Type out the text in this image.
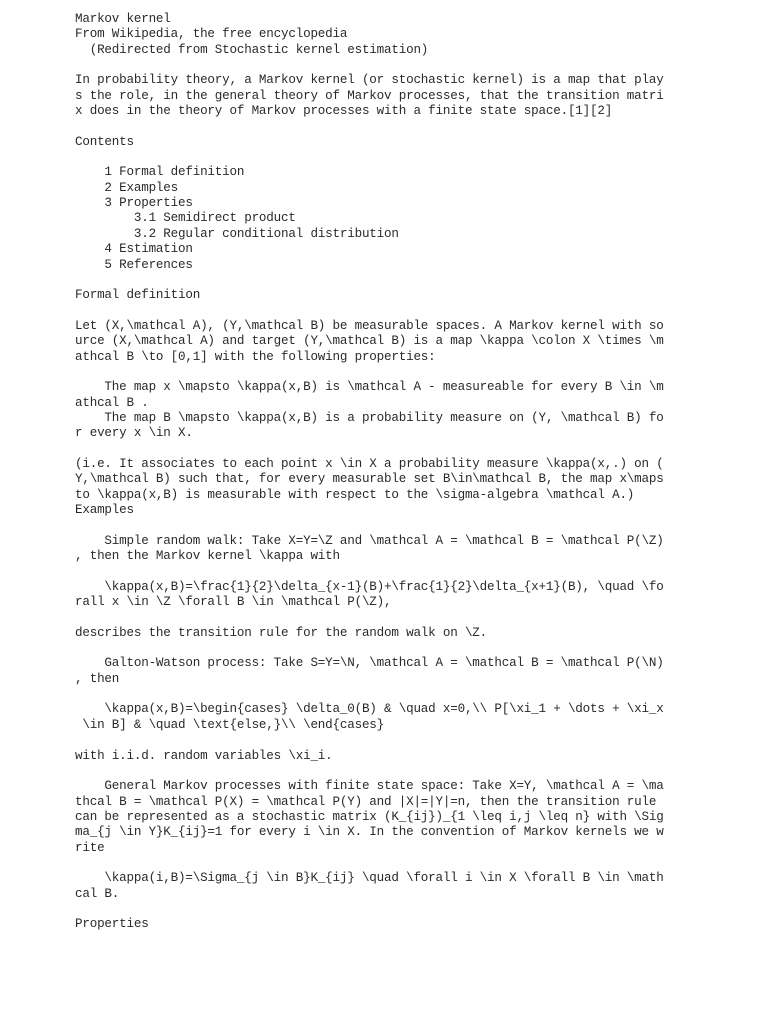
Markov kernel
From Wikipedia, the free encyclopedia
(Redirected from Stochastic kernel estimation)
In probability theory, a Markov kernel (or stochastic kernel) is a map that play
s the role, in the general theory of Markov processes, that the transition matri
x does in the theory of Markov processes with a finite state space.[1][2]
Contents
1 Formal definition
2 Examples
3 Properties
3.1 Semidirect product
3.2 Regular conditional distribution
4 Estimation
5 References
Formal definition
Let (X,\mathcal A), (Y,\mathcal B) be measurable spaces. A Markov kernel with so
urce (X,\mathcal A) and target (Y,\mathcal B) is a map \kappa \colon X \times \m
athcal B \to [0,1] with the following properties:
The map x \mapsto \kappa(x,B) is \mathcal A - measureable for every B \in \m
athcal B .
The map B \mapsto \kappa(x,B) is a probability measure on (Y, \mathcal B) fo
r every x \in X.
(i.e. It associates to each point x \in X a probability measure \kappa(x,.) on (
Y,\mathcal B) such that, for every measurable set B\in\mathcal B, the map x\maps
to \kappa(x,B) is measurable with respect to the \sigma-algebra \mathcal A.)
Examples
Simple random walk: Take X=Y=\Z and \mathcal A = \mathcal B = \mathcal P(\Z)
, then the Markov kernel \kappa with
\kappa(x,B)=\frac{1}{2}\delta_{x-1}(B)+\frac{1}{2}\delta_{x+1}(B), \quad \fo
rall x \in \Z \forall B \in \mathcal P(\Z),
describes the transition rule for the random walk on \Z.
Galton-Watson process: Take S=Y=\N, \mathcal A = \mathcal B = \mathcal P(\N)
, then
\kappa(x,B)=\begin{cases} \delta_0(B) & \quad x=0,\\ P[\xi_1 + \dots + \xi_x
\in B] & \quad \text{else,}\\ \end{cases}
with i.i.d. random variables \xi_i.
General Markov processes with finite state space: Take X=Y, \mathcal A = \ma
thcal B = \mathcal P(X) = \mathcal P(Y) and |X|=|Y|=n, then the transition rule
can be represented as a stochastic matrix (K_{ij})_{1 \leq i,j \leq n} with \Sig
ma_{j \in Y}K_{ij}=1 for every i \in X. In the convention of Markov kernels we w
rite
\kappa(i,B)=\Sigma_{j \in B}K_{ij} \quad \forall i \in X \forall B \in \math
cal B.
Properties
